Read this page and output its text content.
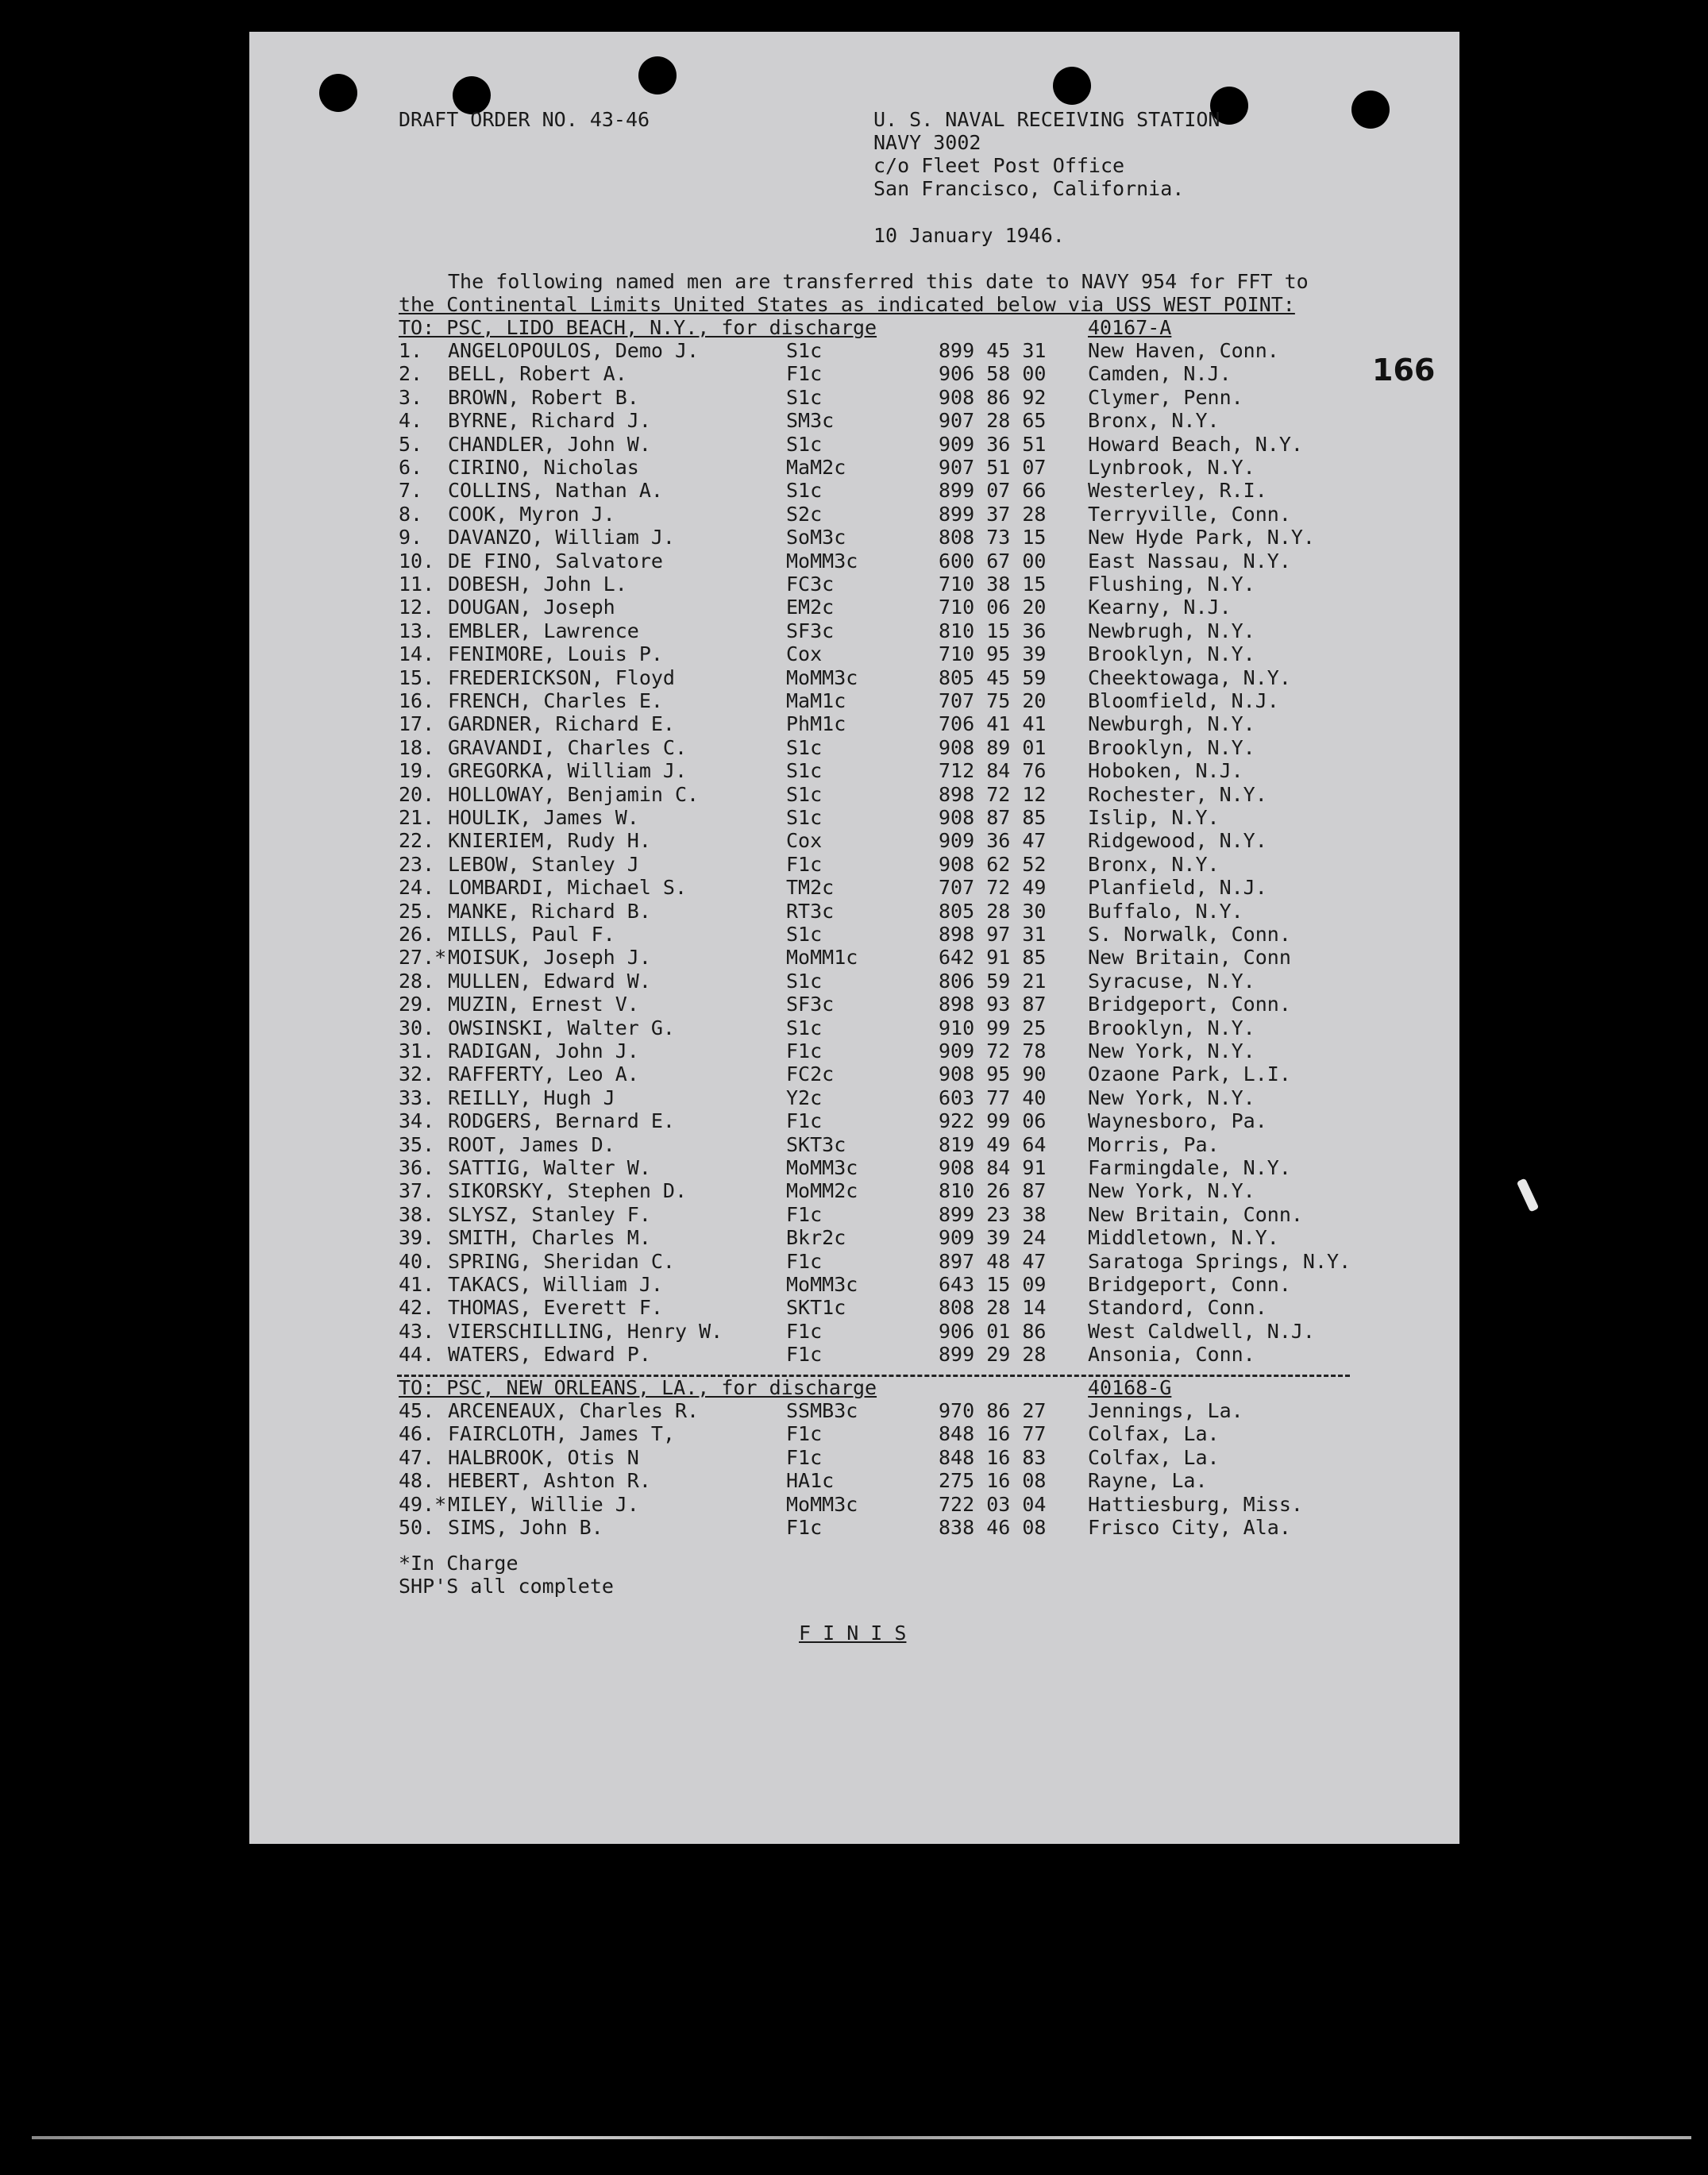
DRAFT ORDER NO. 43-46	U. S. NAVAL RECEIVING STATION
NAVY 3002
c/o Fleet Post Office
San Francisco, California.
10 January 1946.
166
The following named men are transferred this date to NAVY 954 for FFT to
the Continental Limits United States as indicated below via USS WEST POINT:
TO: PSC, LIDO BEACH, N.Y., for discharge	40167-A
1. ANGELOPOULOS, Demo J.	S1c	899 45 31 New Haven, Conn.
2. BELL, Robert A.	F1c	906 58 00 Camden, N.J.
3. BROWN, Robert B.	S1c	908 86 92 Clymer, Penn.
4. BYRNE, Richard J.	SM3c	907 28 65 Bronx, N.Y.
5. CHANDLER, John W.	S1c	909 36 51 Howard Beach, N.Y.
6. CIRINO, Nicholas	MaM2c	907 51 07 Lynbrook, N.Y.
7. COLLINS, Nathan A.	S1c	899 07 66 Westerley, R.I.
8. COOK, Myron J.	S2c	899 37 28 Terryville, Conn.
9. DAVANZO, William J.	SoM3c	808 73 15 New Hyde Park, N.Y.
10. DE FINO, Salvatore	MoMM3c	600 67 00 East Nassau, N.Y.
11. DOBESH, John L.	FC3c	710 38 15 Flushing, N.Y.
12. DOUGAN, Joseph	EM2c	710 06 20 Kearny, N.J.
13. EMBLER, Lawrence	SF3c	810 15 36 Newbrugh, N.Y.
14. FENIMORE, Louis P.	Cox	710 95 39 Brooklyn, N.Y.
15. FREDERICKSON, Floyd	MoMM3c	805 45 59 Cheektowaga, N.Y.
16. FRENCH, Charles E.	MaM1c	707 75 20 Bloomfield, N.J.
17. GARDNER, Richard E.	PhM1c	706 41 41 Newburgh, N.Y.
18. GRAVANDI, Charles C.	S1c	908 89 01 Brooklyn, N.Y.
19. GREGORKA, William J.	S1c	712 84 76 Hoboken, N.J.
20. HOLLOWAY, Benjamin C.	S1c	898 72 12 Rochester, N.Y.
21. HOULIK, James W.	S1c	908 87 85 Islip, N.Y.
22. KNIERIEM, Rudy H.	Cox	909 36 47 Ridgewood, N.Y.
23. LEBOW, Stanley J	F1c	908 62 52 Bronx, N.Y.
24. LOMBARDI, Michael S.	TM2c	707 72 49 Planfield, N.J.
25. MANKE, Richard B.	RT3c	805 28 30 Buffalo, N.Y.
26. MILLS, Paul F.	S1c	898 97 31 S. Norwalk, Conn.
27.* MOISUK, Joseph J.	MoMM1c	642 91 85 New Britain, Conn
28. MULLEN, Edward W.	S1c	806 59 21 Syracuse, N.Y.
29. MUZIN, Ernest V.	SF3c	898 93 87 Bridgeport, Conn.
30. OWSINSKI, Walter G.	S1c	910 99 25 Brooklyn, N.Y.
31. RADIGAN, John J.	F1c	909 72 78 New York, N.Y.
32. RAFFERTY, Leo A.	FC2c	908 95 90 Ozaone Park, L.I.
33. REILLY, Hugh J	Y2c	603 77 40 New York, N.Y.
34. RODGERS, Bernard E.	F1c	922 99 06 Waynesboro, Pa.
35. ROOT, James D.	SKT3c	819 49 64 Morris, Pa.
36. SATTIG, Walter W.	MoMM3c	908 84 91 Farmingdale, N.Y.
37. SIKORSKY, Stephen D.	MoMM2c	810 26 87 New York, N.Y.
38. SLYSZ, Stanley F.	F1c	899 23 38 New Britain, Conn.
39. SMITH, Charles M.	Bkr2c	909 39 24 Middletown, N.Y.
40. SPRING, Sheridan C.	F1c	897 48 47 Saratoga Springs, N.Y.
41. TAKACS, William J.	MoMM3c	643 15 09 Bridgeport, Conn.
42. THOMAS, Everett F.	SKT1c	808 28 14 Standord, Conn.
43. VIERSCHILLING, Henry W.	F1c	906 01 86 West Caldwell, N.J.
44. WATERS, Edward P.	F1c	899 29 28 Ansonia, Conn.
TO: PSC, NEW ORLEANS, LA., for discharge	40168-G
45. ARCENEAUX, Charles R.	SSMB3c	970 86 27 Jennings, La.
46. FAIRCLOTH, James T,	F1c	848 16 77 Colfax, La.
47. HALBROOK, Otis N	F1c	848 16 83 Colfax, La.
48. HEBERT, Ashton R.	HA1c	275 16 08 Rayne, La.
49.* MILEY, Willie J.	MoMM3c	722 03 04 Hattiesburg, Miss.
50. SIMS, John B.	F1c	838 46 08 Frisco City, Ala.
*In Charge
SHP'S all complete
F I N I S
